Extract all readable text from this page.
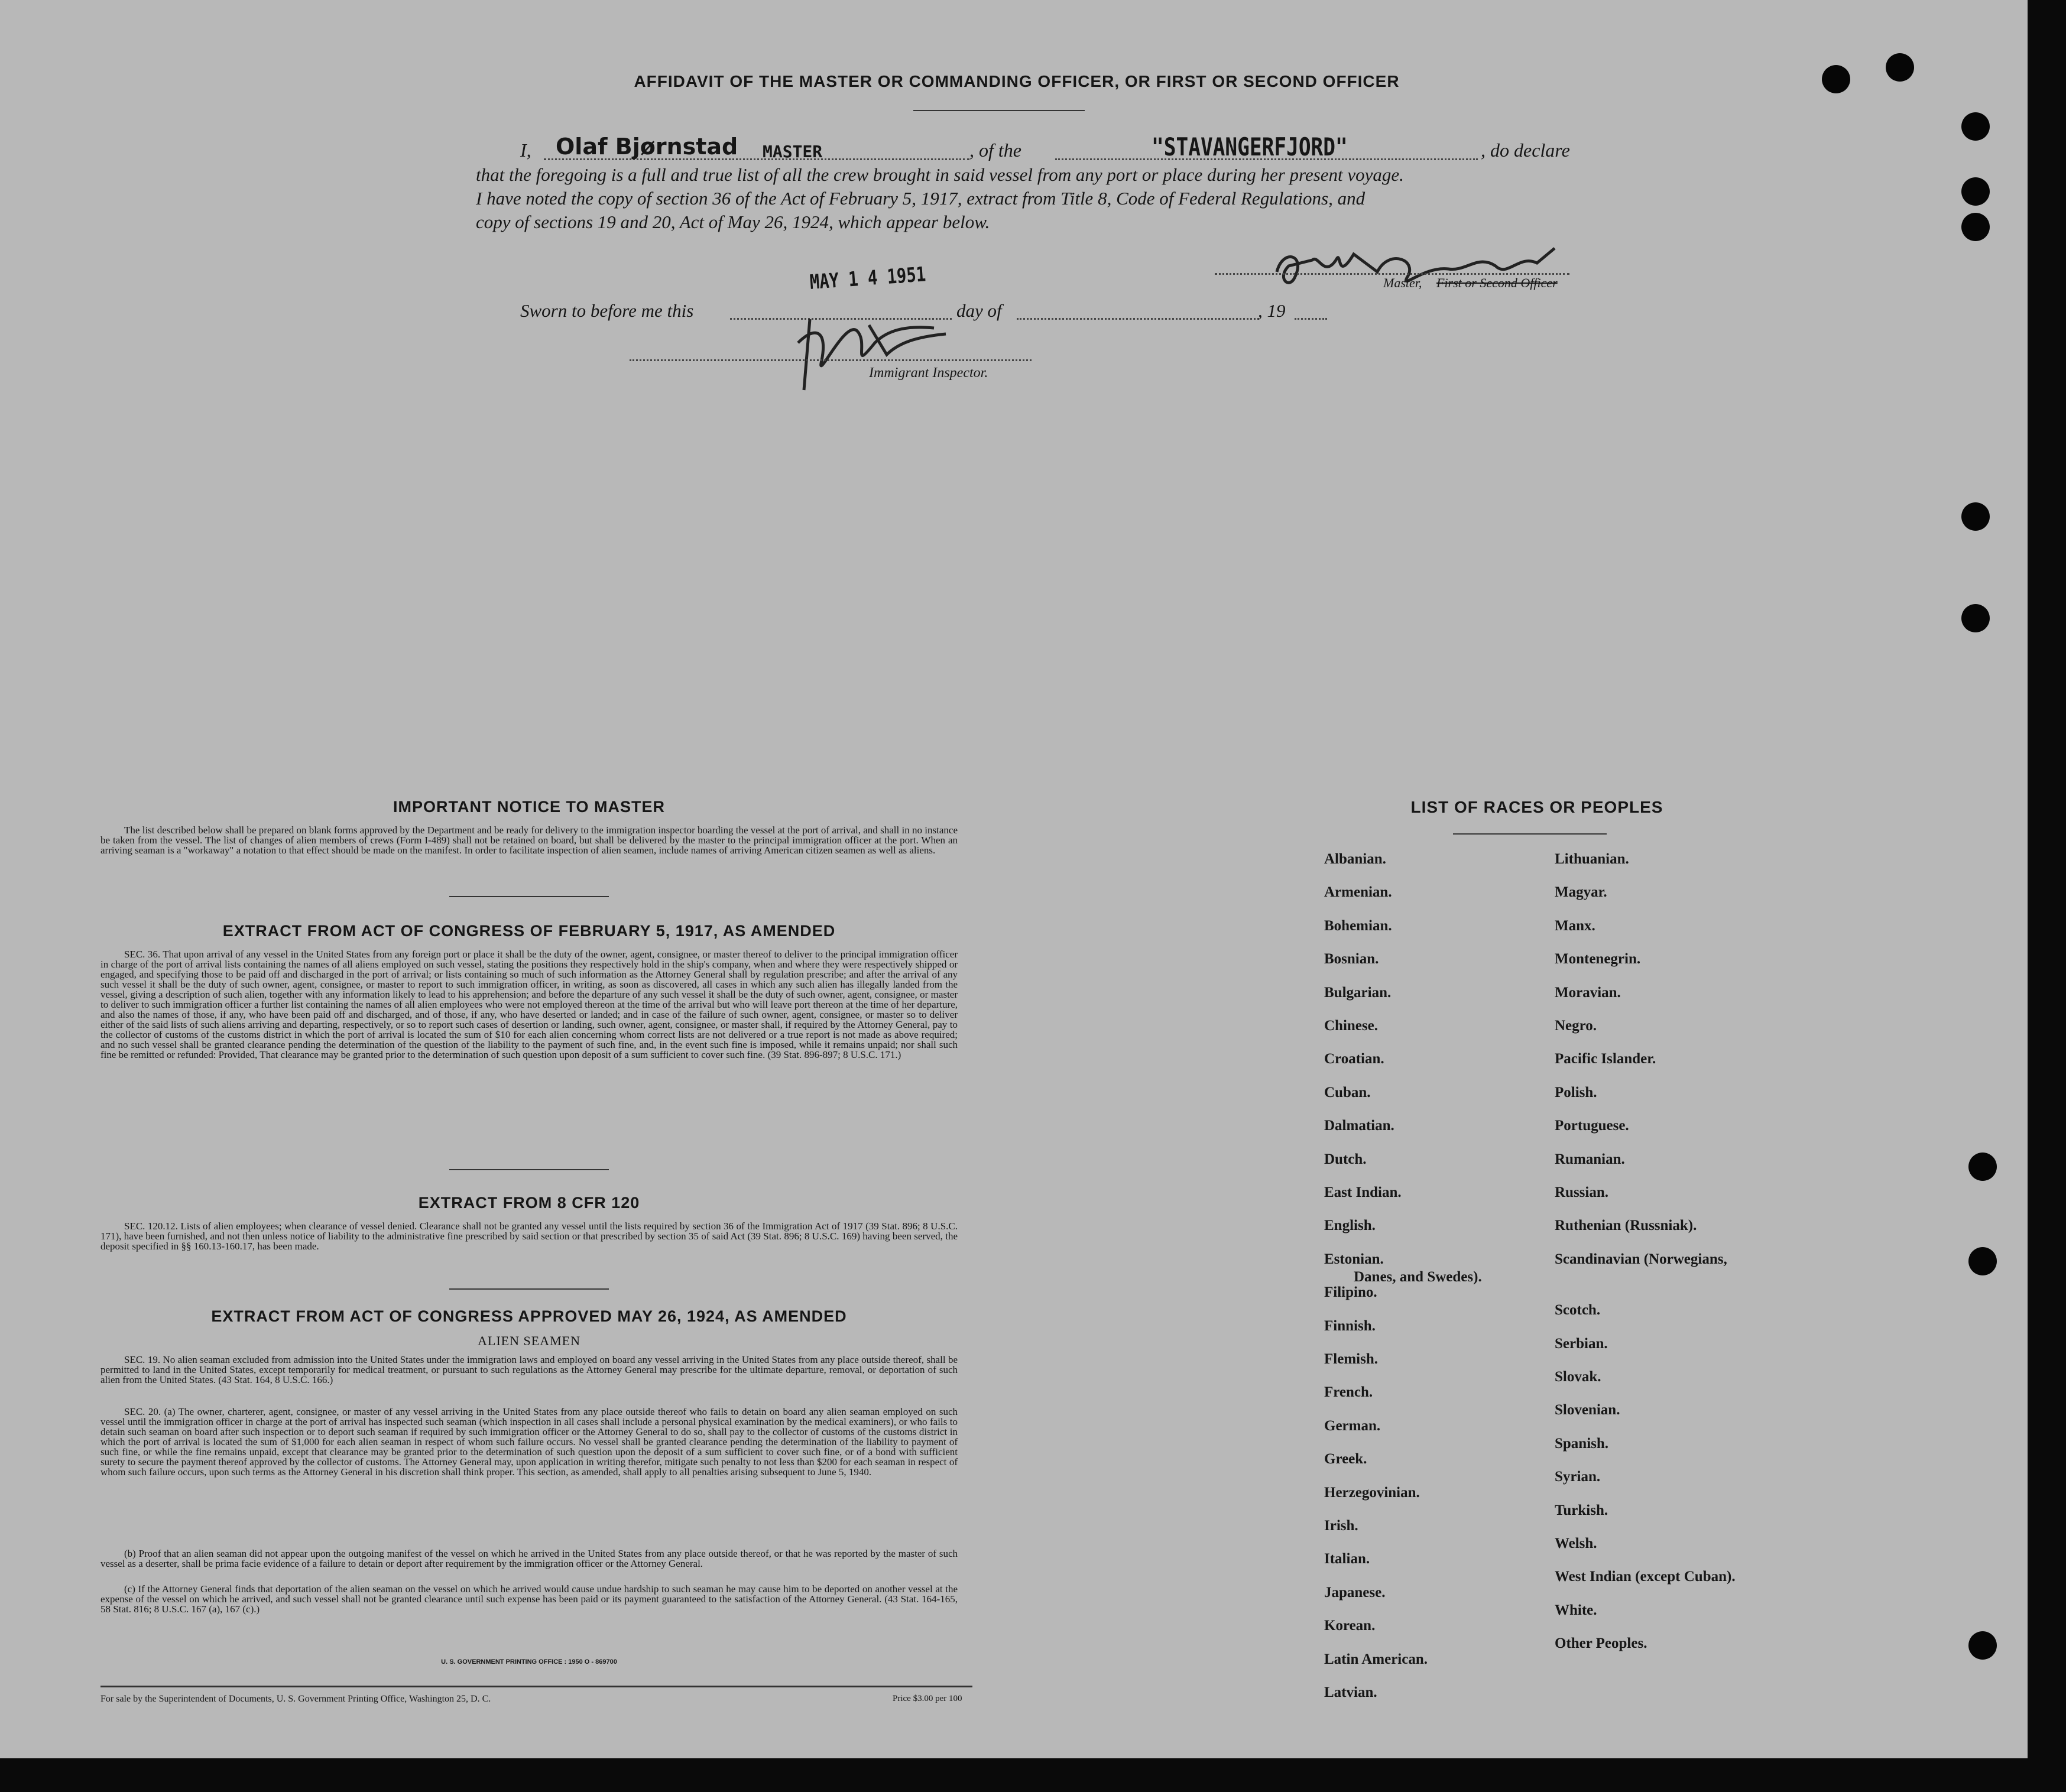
AFFIDAVIT OF THE MASTER OR COMMANDING OFFICER, OR FIRST OR SECOND OFFICER
I, Olaf Bjørnstad MASTER	, of the	"STAVANGERFJORD"	, do declare
that the foregoing is a full and true list of all the crew brought in said vessel from any port or place during her present voyage.
I have noted the copy of section 36 of the Act of February 5, 1917, extract from Title 8, Code of Federal Regulations, and
copy of sections 19 and 20, Act of May 26, 1924, which appear below.
Master, First or Second Officer
MAY 1 4 1951
Sworn to before me this	day of	, 19
Immigrant Inspector.
IMPORTANT NOTICE TO MASTER
The list described below shall be prepared on blank forms approved by the Department and be ready for delivery to the immigration inspector boarding the vessel at the port of arrival, and shall in no instance be taken from the vessel. The list of changes of alien members of crews (Form I-489) shall not be retained on board, but shall be delivered by the master to the principal immigration officer at the port. When an arriving seaman is a "workaway" a notation to that effect should be made on the manifest. In order to facilitate inspection of alien seamen, include names of arriving American citizen seamen as well as aliens.
EXTRACT FROM ACT OF CONGRESS OF FEBRUARY 5, 1917, AS AMENDED
SEC. 36. That upon arrival of any vessel in the United States from any foreign port or place it shall be the duty of the owner, agent, consignee, or master thereof to deliver to the principal immigration officer in charge of the port of arrival lists containing the names of all aliens employed on such vessel, stating the positions they respectively hold in the ship's company, when and where they were respectively shipped or engaged, and specifying those to be paid off and discharged in the port of arrival; or lists containing so much of such information as the Attorney General shall by regulation prescribe; and after the arrival of any such vessel it shall be the duty of such owner, agent, consignee, or master to report to such immigration officer, in writing, as soon as discovered, all cases in which any such alien has illegally landed from the vessel, giving a description of such alien, together with any information likely to lead to his apprehension; and before the departure of any such vessel it shall be the duty of such owner, agent, consignee, or master to deliver to such immigration officer a further list containing the names of all alien employees who were not employed thereon at the time of the arrival but who will leave port thereon at the time of her departure, and also the names of those, if any, who have been paid off and discharged, and of those, if any, who have deserted or landed; and in case of the failure of such owner, agent, consignee, or master so to deliver either of the said lists of such aliens arriving and departing, respectively, or so to report such cases of desertion or landing, such owner, agent, consignee, or master shall, if required by the Attorney General, pay to the collector of customs of the customs district in which the port of arrival is located the sum of $10 for each alien concerning whom correct lists are not delivered or a true report is not made as above required; and no such vessel shall be granted clearance pending the determination of the question of the liability to the payment of such fine, and, in the event such fine is imposed, while it remains unpaid; nor shall such fine be remitted or refunded: Provided, That clearance may be granted prior to the determination of such question upon deposit of a sum sufficient to cover such fine. (39 Stat. 896-897; 8 U.S.C. 171.)
EXTRACT FROM 8 CFR 120
SEC. 120.12. Lists of alien employees; when clearance of vessel denied. Clearance shall not be granted any vessel until the lists required by section 36 of the Immigration Act of 1917 (39 Stat. 896; 8 U.S.C. 171), have been furnished, and not then unless notice of liability to the administrative fine prescribed by said section or that prescribed by section 35 of said Act (39 Stat. 896; 8 U.S.C. 169) having been served, the deposit specified in §§ 160.13-160.17, has been made.
EXTRACT FROM ACT OF CONGRESS APPROVED MAY 26, 1924, AS AMENDED
ALIEN SEAMEN
SEC. 19. No alien seaman excluded from admission into the United States under the immigration laws and employed on board any vessel arriving in the United States from any place outside thereof, shall be permitted to land in the United States, except temporarily for medical treatment, or pursuant to such regulations as the Attorney General may prescribe for the ultimate departure, removal, or deportation of such alien from the United States. (43 Stat. 164, 8 U.S.C. 166.)
SEC. 20. (a) The owner, charterer, agent, consignee, or master of any vessel arriving in the United States from any place outside thereof who fails to detain on board any alien seaman employed on such vessel until the immigration officer in charge at the port of arrival has inspected such seaman (which inspection in all cases shall include a personal physical examination by the medical examiners), or who fails to detain such seaman on board after such inspection or to deport such seaman if required by such immigration officer or the Attorney General to do so, shall pay to the collector of customs of the customs district in which the port of arrival is located the sum of $1,000 for each alien seaman in respect of whom such failure occurs. No vessel shall be granted clearance pending the determination of the liability to payment of such fine, or while the fine remains unpaid, except that clearance may be granted prior to the determination of such question upon the deposit of a sum sufficient to cover such fine, or of a bond with sufficient surety to secure the payment thereof approved by the collector of customs. The Attorney General may, upon application in writing therefor, mitigate such penalty to not less than $200 for each seaman in respect of whom such failure occurs, upon such terms as the Attorney General in his discretion shall think proper. This section, as amended, shall apply to all penalties arising subsequent to June 5, 1940.
(b) Proof that an alien seaman did not appear upon the outgoing manifest of the vessel on which he arrived in the United States from any place outside thereof, or that he was reported by the master of such vessel as a deserter, shall be prima facie evidence of a failure to detain or deport after requirement by the immigration officer or the Attorney General.
(c) If the Attorney General finds that deportation of the alien seaman on the vessel on which he arrived would cause undue hardship to such seaman he may cause him to be deported on another vessel at the expense of the vessel on which he arrived, and such vessel shall not be granted clearance until such expense has been paid or its payment guaranteed to the satisfaction of the Attorney General. (43 Stat. 164-165, 58 Stat. 816; 8 U.S.C. 167 (a), 167 (c).)
U. S. GOVERNMENT PRINTING OFFICE : 1950 O - 869700
For sale by the Superintendent of Documents, U. S. Government Printing Office, Washington 25, D. C.	Price $3.00 per 100
LIST OF RACES OR PEOPLES
Albanian.
Armenian.
Bohemian.
Bosnian.
Bulgarian.
Chinese.
Croatian.
Cuban.
Dalmatian.
Dutch.
East Indian.
English.
Estonian.
Filipino.
Finnish.
Flemish.
French.
German.
Greek.
Herzegovinian.
Irish.
Italian.
Japanese.
Korean.
Latin American.
Latvian.
Lithuanian.
Magyar.
Manx.
Montenegrin.
Moravian.
Negro.
Pacific Islander.
Polish.
Portuguese.
Rumanian.
Russian.
Ruthenian (Russniak).
Scandinavian (Norwegians,
Danes, and Swedes).
Scotch.
Serbian.
Slovak.
Slovenian.
Spanish.
Syrian.
Turkish.
Welsh.
West Indian (except Cuban).
White.
Other Peoples.
